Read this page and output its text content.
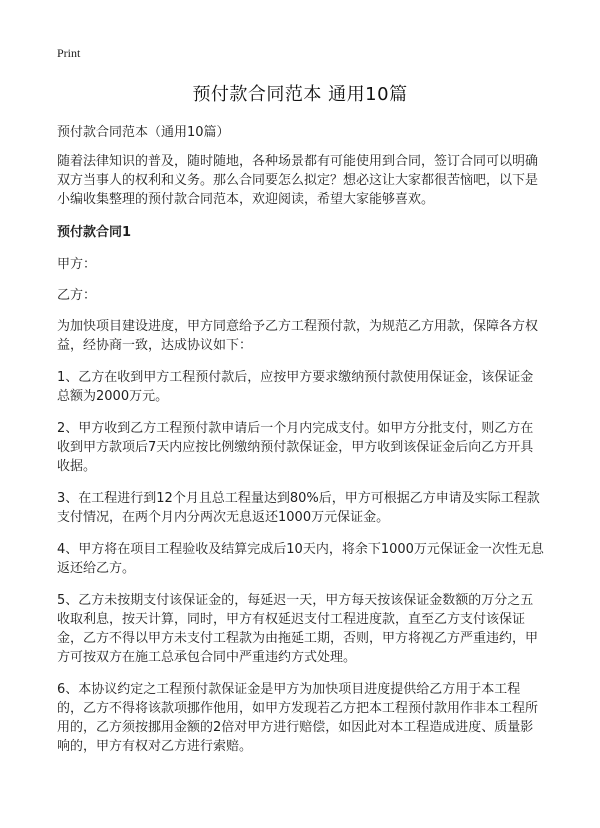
Print
预付款合同范本 通用10篇

预付款合同范本（通用10篇）

随着法律知识的普及，随时随地，各种场景都有可能使用到合同，签订合同可以明确双方当事人的权利和义务。那么合同要怎么拟定？想必这让大家都很苦恼吧，以下是小编收集整理的预付款合同范本，欢迎阅读，希望大家能够喜欢。

预付款合同1

甲方：

乙方：

为加快项目建设进度，甲方同意给予乙方工程预付款，为规范乙方用款，保障各方权益，经协商一致，达成协议如下：

1、乙方在收到甲方工程预付款后，应按甲方要求缴纳预付款使用保证金，该保证金总额为2000万元。

2、甲方收到乙方工程预付款申请后一个月内完成支付。如甲方分批支付，则乙方在收到甲方款项后7天内应按比例缴纳预付款保证金，甲方收到该保证金后向乙方开具收据。

3、在工程进行到12个月且总工程量达到80%后，甲方可根据乙方申请及实际工程款支付情况，在两个月内分两次无息返还1000万元保证金。

4、甲方将在项目工程验收及结算完成后10天内，将余下1000万元保证金一次性无息返还给乙方。

5、乙方未按期支付该保证金的，每延迟一天，甲方每天按该保证金数额的万分之五收取利息，按天计算，同时，甲方有权延迟支付工程进度款，直至乙方支付该保证金，乙方不得以甲方未支付工程款为由拖延工期，否则，甲方将视乙方严重违约，甲方可按双方在施工总承包合同中严重违约方式处理。

6、本协议约定之工程预付款保证金是甲方为加快项目进度提供给乙方用于本工程的，乙方不得将该款项挪作他用，如甲方发现若乙方把本工程预付款用作非本工程所用的，乙方须按挪用金额的2倍对甲方进行赔偿，如因此对本工程造成进度、质量影响的，甲方有权对乙方进行索赔。
